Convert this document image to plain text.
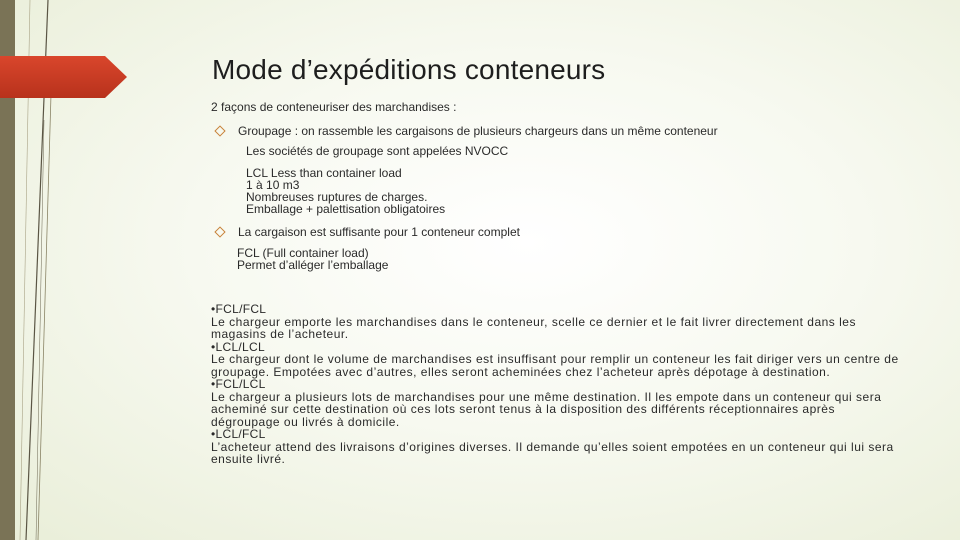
Mode d’expéditions conteneurs
2 façons de conteneuriser des marchandises :
Groupage : on rassemble les cargaisons de plusieurs chargeurs dans un même conteneur
Les sociétés de groupage sont appelées NVOCC
LCL Less than container load
1 à 10 m3
Nombreuses ruptures de charges.
Emballage + palettisation obligatoires
La cargaison est suffisante pour 1 conteneur complet
FCL (Full container load)
Permet d’alléger l’emballage
•FCL/FCL
Le chargeur emporte les marchandises dans le conteneur, scelle ce dernier et le fait livrer directement dans les
magasins de l’acheteur.
•LCL/LCL
Le chargeur dont le volume de marchandises est insuffisant pour remplir un conteneur les fait diriger vers un centre de
groupage. Empotées avec d’autres, elles seront acheminées chez l’acheteur après dépotage à destination.
•FCL/LCL
Le chargeur a plusieurs lots de marchandises pour une même destination. Il les empote dans un conteneur qui sera
acheminé sur cette destination où ces lots seront tenus à la disposition des différents réceptionnaires après
dégroupage ou livrés à domicile.
•LCL/FCL
L’acheteur attend des livraisons d’origines diverses. Il demande qu’elles soient empotées en un conteneur qui lui sera
ensuite livré.
